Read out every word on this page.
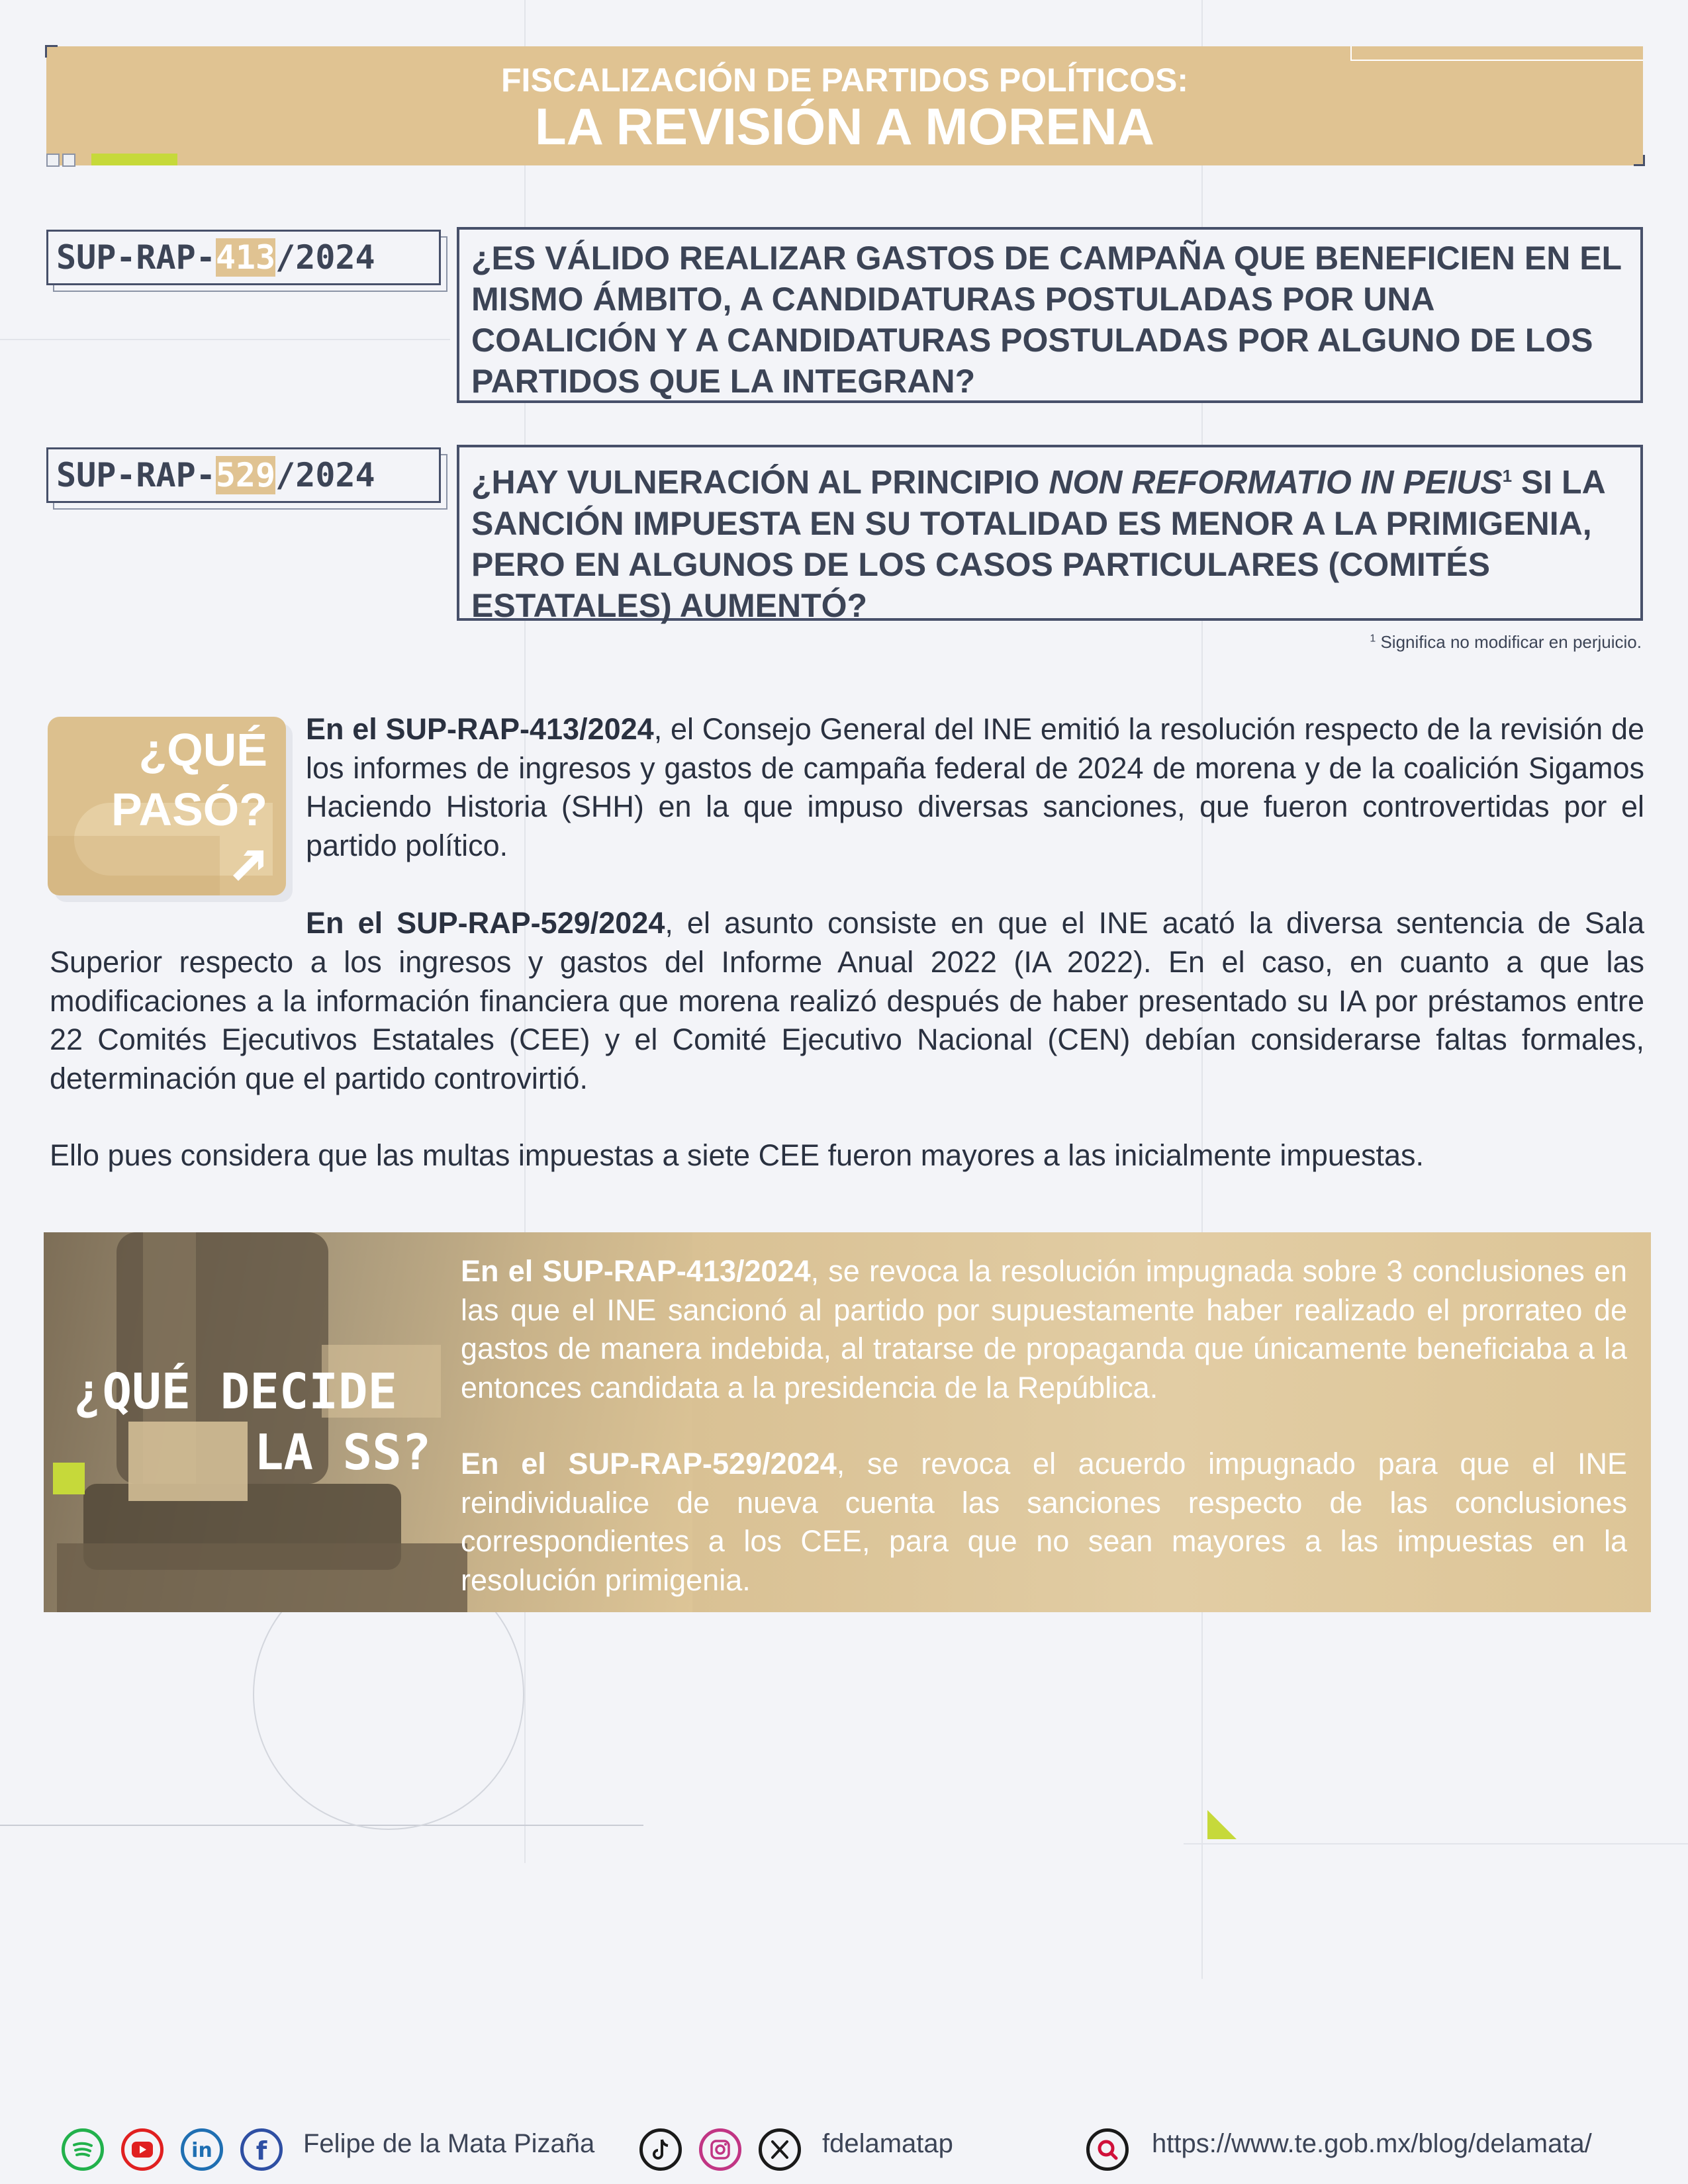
FISCALIZACIÓN DE PARTIDOS POLÍTICOS:
LA REVISIÓN A MORENA
SUP-RAP-413/2024	¿ES VÁLIDO REALIZAR GASTOS DE CAMPAÑA QUE BENEFICIEN EN EL MISMO ÁMBITO, A CANDIDATURAS POSTULADAS POR UNA COALICIÓN Y A CANDIDATURAS POSTULADAS POR ALGUNO DE LOS PARTIDOS QUE LA INTEGRAN?
SUP-RAP-529/2024	¿HAY VULNERACIÓN AL PRINCIPIO NON REFORMATIO IN PEIUS$^1$ SI LA SANCIÓN IMPUESTA EN SU TOTALIDAD ES MENOR A LA PRIMIGENIA, PERO EN ALGUNOS DE LOS CASOS PARTICULARES (COMITÉS ESTATALES) AUMENTÓ?
$^1$ Significa no modificar en perjuicio.
¿QUÉ
PASÓ?
En el SUP-RAP-413/2024, el Consejo General del INE emitió la resolución respecto de la revisión de los informes de ingresos y gastos de campaña federal de 2024 de morena y de la coalición Sigamos Haciendo Historia (SHH) en la que impuso diversas sanciones, que fueron controvertidas por el partido político.
En el SUP-RAP-529/2024, el asunto consiste en que el INE acató la diversa sentencia de Sala
Superior respecto a los ingresos y gastos del Informe Anual 2022 (IA 2022). En el caso, en cuanto a que las modificaciones a la información financiera que morena realizó después de haber presentado su IA por préstamos entre 22 Comités Ejecutivos Estatales (CEE) y el Comité Ejecutivo Nacional (CEN) debían considerarse faltas formales, determinación que el partido controvirtió.
Ello pues considera que las multas impuestas a siete CEE fueron mayores a las inicialmente impuestas.
¿QUÉ DECIDE
LA SS?
En el SUP-RAP-413/2024, se revoca la resolución impugnada sobre 3 conclusiones en las que el INE sancionó al partido por supuestamente haber realizado el prorrateo de gastos de manera indebida, al tratarse de propaganda que únicamente beneficiaba a la entonces candidata a la presidencia de la República.
En el SUP-RAP-529/2024, se revoca el acuerdo impugnado para que el INE reindividualice de nueva cuenta las sanciones respecto de las conclusiones correspondientes a los CEE, para que no sean mayores a las impuestas en la resolución primigenia.
in f Felipe de la Mata Pizaña	fdelamatap	https://www.te.gob.mx/blog/delamata/
